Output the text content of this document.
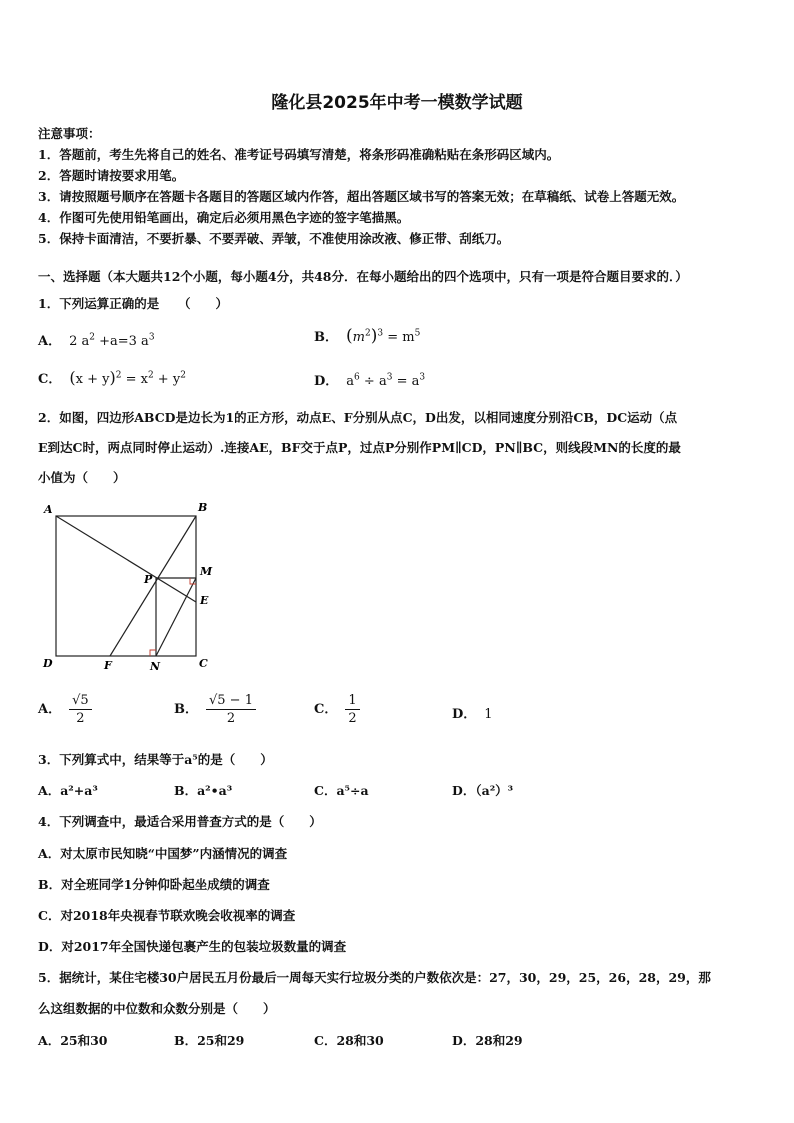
隆化县2025年中考一模数学试题
注意事项：
1．答题前，考生先将自己的姓名、准考证号码填写清楚，将条形码准确粘贴在条形码区域内。
2．答题时请按要求用笔。
3．请按照题号顺序在答题卡各题目的答题区域内作答，超出答题区域书写的答案无效；在草稿纸、试卷上答题无效。
4．作图可先使用铅笔画出，确定后必须用黑色字迹的签字笔描黑。
5．保持卡面清洁，不要折暴、不要弄破、弄皱，不准使用涂改液、修正带、刮纸刀。
一、选择题（本大题共12个小题，每小题4分，共48分．在每小题给出的四个选项中，只有一项是符合题目要求的．）
1．下列运算正确的是　　（　　）
A． 2 $a^2 +a=3$ $a^3$	B． $(m^2)^3 = m^5$
C． $(x + y)^2 = x^2 + y^2$	D． $a^6 \div a^3 = a^3$
2．如图，四边形ABCD是边长为1的正方形，动点E、F分别从点C，D出发，以相同速度分别沿CB，DC运动（点
E到达C时，两点同时停止运动）.连接AE，BF交于点P，过点P分别作PM∥CD，PN∥BC，则线段MN的长度的最
小值为（　　）
A	B
C
D
E
F
M
N
P
A． $\frac{√5}{2}$	B． $\frac{√5 - 1}{2}$	C． $\frac{1}{2}$	D． 1
3．下列算式中，结果等于a⁵的是（　　）
A．a²+a³	B．a²•a³	C．a⁵÷a	D．（a²）³
4．下列调查中，最适合采用普查方式的是（　　）
A．对太原市民知晓“中国梦”内涵情况的调查
B．对全班同学1分钟仰卧起坐成绩的调查
C．对2018年央视春节联欢晚会收视率的调查
D．对2017年全国快递包裹产生的包装垃圾数量的调查
5．据统计，某住宅楼30户居民五月份最后一周每天实行垃圾分类的户数依次是：27，30，29，25，26，28，29，那
么这组数据的中位数和众数分别是（　　）
A．25和30	B．25和29	C．28和30	D．28和29
